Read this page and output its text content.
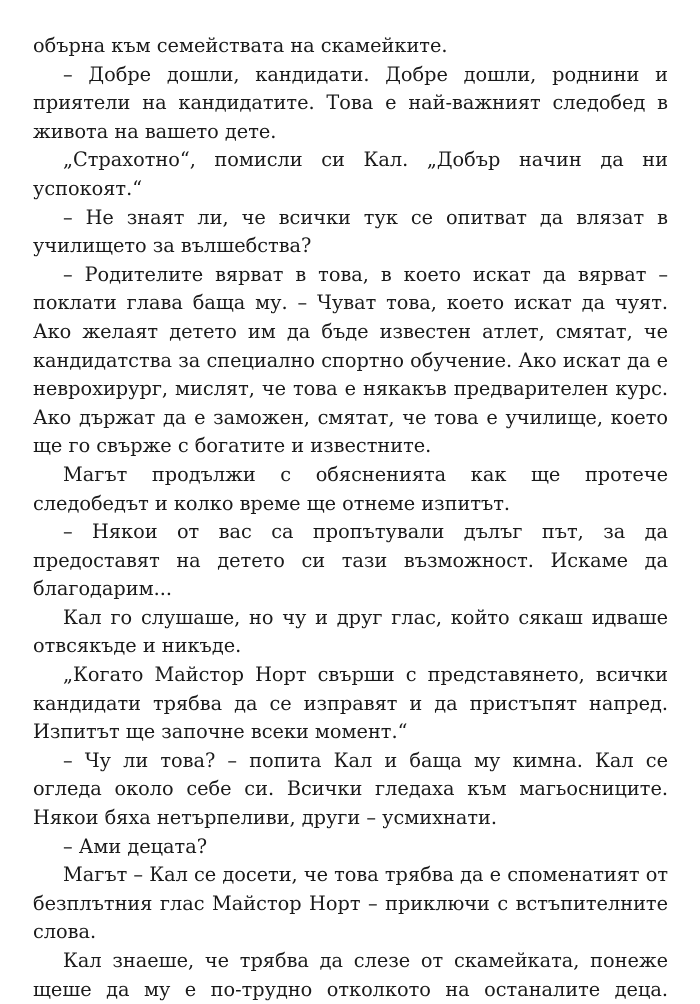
обърна към семействата на скамейките.

– Добре дошли, кандидати. Добре дошли, роднини и приятели на кандидатите. Това е най-важният следобед в живота на вашето дете.

„Страхотно“, помисли си Кал. „Добър начин да ни успокоят.“

– Не знаят ли, че всички тук се опитват да влязат в училището за вълшебства?

– Родителите вярват в това, в което искат да вярват – поклати глава баща му. – Чуват това, което искат да чуят. Ако желаят детето им да бъде известен атлет, смятат, че кандидатства за специално спортно обучение. Ако искат да е неврохирург, мислят, че това е някакъв предварителен курс. Ако държат да е заможен, смятат, че това е училище, което ще го свърже с богатите и известните.

Магът продължи с обясненията как ще протече следобедът и колко време ще отнеме изпитът.

– Някои от вас са пропътували дълъг път, за да предоставят на детето си тази възможност. Искаме да благодарим...

Кал го слушаше, но чу и друг глас, който сякаш идваше отвсякъде и никъде.

„Когато Майстор Норт свърши с представянето, всички кандидати трябва да се изправят и да пристъпят напред. Изпитът ще започне всеки момент.“

– Чу ли това? – попита Кал и баща му кимна. Кал се огледа около себе си. Всички гледаха към магьосниците. Някои бяха нетърпеливи, други – усмихнати.

– Ами децата?

Магът – Кал се досети, че това трябва да е споменатият от безплътния глас Майстор Норт – приключи с встъпителните слова.

Кал знаеше, че трябва да слезе от скамейката, понеже щеше да му е по-трудно отколкото на останалите деца.
